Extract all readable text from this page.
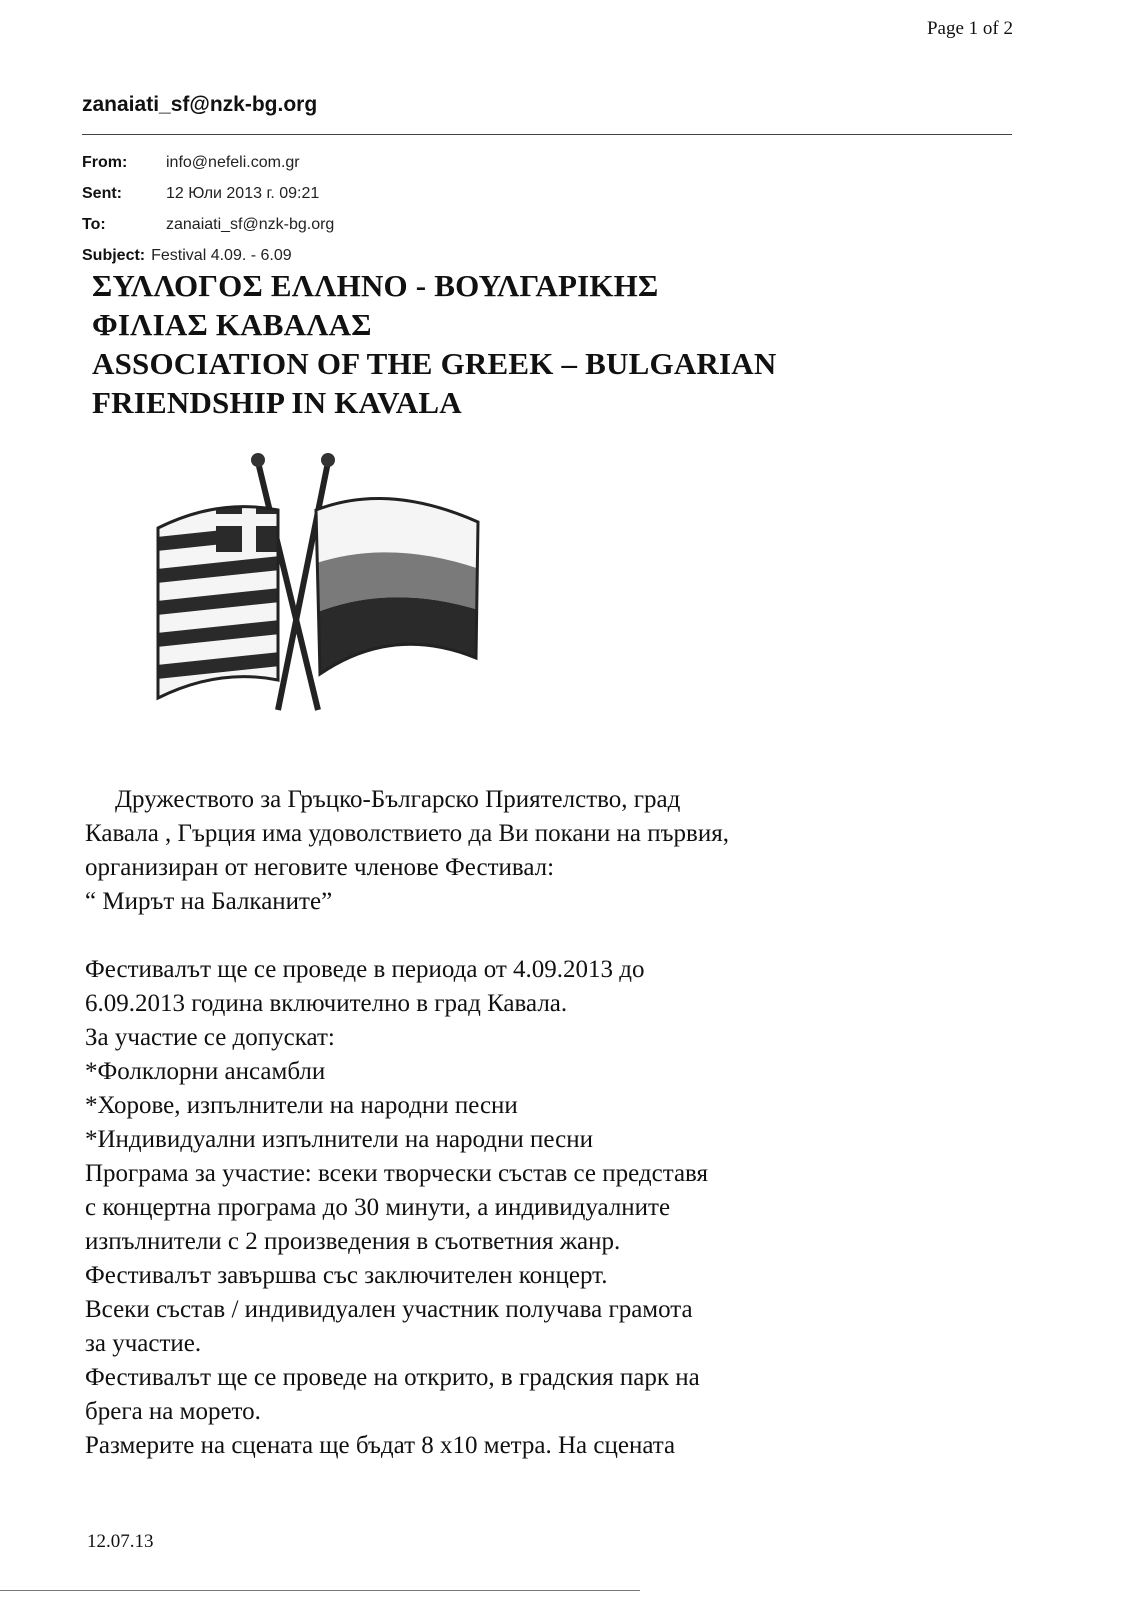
Page 1 of 2
zanaiati_sf@nzk-bg.org
From:	info@nefeli.com.gr
Sent:	12 Юли 2013 г. 09:21
To:	zanaiati_sf@nzk-bg.org
Subject: Festival 4.09. - 6.09
ΣΥΛΛΟΓΟΣ ΕΛΛΗΝΟ - ΒΟΥΛΓΑΡΙΚΗΣ
ΦΙΛΙΑΣ ΚΑΒΑΛΑΣ
ASSOCIATION OF THE GREEK – BULGARIAN
FRIENDSHIP IN KAVALA

Дружеството за Гръцко-Българско Приятелство, град

Кавала , Гърция има удоволствието да Ви покани на първия,

организиран от неговите членове Фестивал:

“ Мирът на Балканите”

Фестивалът ще се проведе в периода от 4.09.2013 до

6.09.2013 година включително в град Кавала.

За участие се допускат:

*Фолклорни ансамбли

*Хорове, изпълнители на народни песни

*Индивидуални изпълнители на народни песни

Програма за участие: всеки творчески състав се представя

с концертна програма до 30 минути, а индивидуалните

изпълнители с 2 произведения в съответния жанр.

Фестивалът завършва със заключителен концерт.

Всеки състав / индивидуален участник получава грамота

за участие.

Фестивалът ще се проведе на открито, в градския парк на

брега на морето.

Размерите на сцената ще бъдат 8 х10 метра. На сцената

12.07.13
